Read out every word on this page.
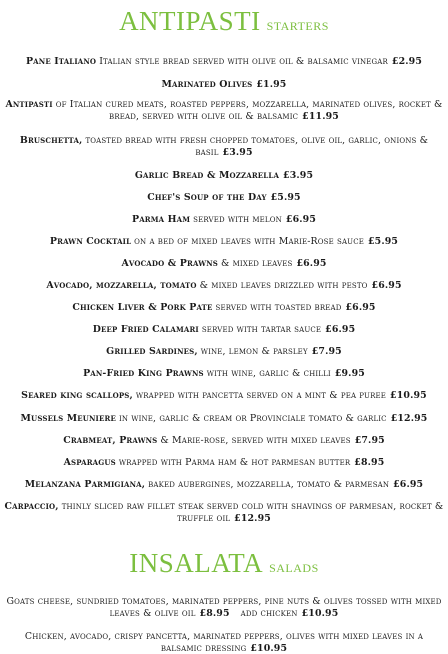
ANTIPASTI starters
Pane Italiano Italian style bread served with olive oil & balsamic vinegar £2.95
Marinated Olives £1.95
Antipasti of Italian cured meats, roasted peppers, mozzarella, marinated olives, rocket & bread, served with olive oil & balsamic £11.95
Bruschetta, toasted bread with fresh chopped tomatoes, olive oil, garlic, onions & basil £3.95
Garlic Bread & Mozzarella £3.95
Chef's Soup of the Day £5.95
Parma Ham served with melon £6.95
Prawn Cocktail on a bed of mixed leaves with Marie-Rose sauce £5.95
Avocado & Prawns & mixed leaves £6.95
Avocado, mozzarella, tomato & mixed leaves drizzled with pesto £6.95
Chicken Liver & Pork Pate served with toasted bread £6.95
Deep Fried Calamari served with tartar sauce £6.95
Grilled Sardines, wine, lemon & parsley £7.95
Pan-Fried King Prawns with wine, garlic & chilli £9.95
Seared king scallops, wrapped with pancetta served on a mint & pea puree £10.95
Mussels Meuniere in wine, garlic & cream or Provinciale tomato & garlic £12.95
Crabmeat, Prawns & Marie-rose, served with mixed leaves £7.95
Asparagus wrapped with Parma ham & hot parmesan butter £8.95
Melanzana Parmigiana, baked aubergines, mozzarella, tomato & parmesan £6.95
Carpaccio, thinly sliced raw fillet steak served cold with shavings of parmesan, rocket & truffle oil £12.95
INSALATA salads
Goats cheese, sundried tomatoes, marinated peppers, pine nuts & olives tossed with mixed leaves & olive oil £8.95 add chicken £10.95
Chicken, avocado, crispy pancetta, marinated peppers, olives with mixed leaves in a balsamic dressing £10.95
